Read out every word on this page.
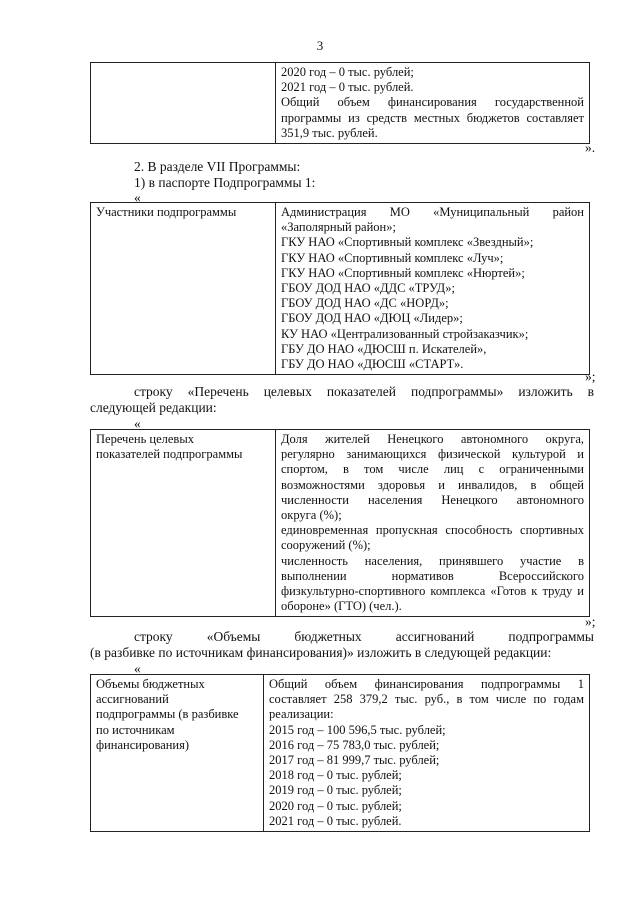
3

2020 год – 0 тыс. рублей;
2021 год – 0 тыс. рублей.
Общий объем финансирования государственной
программы из средств местных бюджетов составляет
351,9 тыс. рублей.
».
2. В разделе VII Программы:
1) в паспорте Подпрограммы 1:
«
Участники подпрограммы	Администрация МО «Муниципальный район
«Заполярный район»;
ГКУ НАО «Спортивный комплекс «Звездный»;
ГКУ НАО «Спортивный комплекс «Луч»;
ГКУ НАО «Спортивный комплекс «Нюртей»;
ГБОУ ДОД НАО «ДДС «ТРУД»;
ГБОУ ДОД НАО «ДС «НОРД»;
ГБОУ ДОД НАО «ДЮЦ «Лидер»;
КУ НАО «Централизованный стройзаказчик»;
ГБУ ДО НАО «ДЮСШ п. Искателей»,
ГБУ ДО НАО «ДЮСШ «СТАРТ».
»;
строку «Перечень целевых показателей подпрограммы» изложить в
следующей редакции:
«
Перечень целевых
показателей подпрограммы

Доля жителей Ненецкого автономного округа,
регулярно занимающихся физической культурой и
спортом, в том числе лиц с ограниченными
возможностями здоровья и инвалидов, в общей
численности населения Ненецкого автономного
округа (%);
единовременная пропускная способность спортивных
сооружений (%);
численность населения, принявшего участие в
выполнении нормативов Всероссийского
физкультурно-спортивного комплекса «Готов к труду и
обороне» (ГТО) (чел.).
»;
строку «Объемы бюджетных ассигнований подпрограммы
(в разбивке по источникам финансирования)» изложить в следующей редакции:
«
Объемы бюджетных
ассигнований
подпрограммы (в разбивке
по источникам
финансирования)

Общий объем финансирования подпрограммы 1
составляет 258 379,2 тыс. руб., в том числе по годам
реализации:
2015 год – 100 596,5 тыс. рублей;
2016 год – 75 783,0 тыс. рублей;
2017 год – 81 999,7 тыс. рублей;
2018 год – 0 тыс. рублей;
2019 год – 0 тыс. рублей;
2020 год – 0 тыс. рублей;
2021 год – 0 тыс. рублей.
